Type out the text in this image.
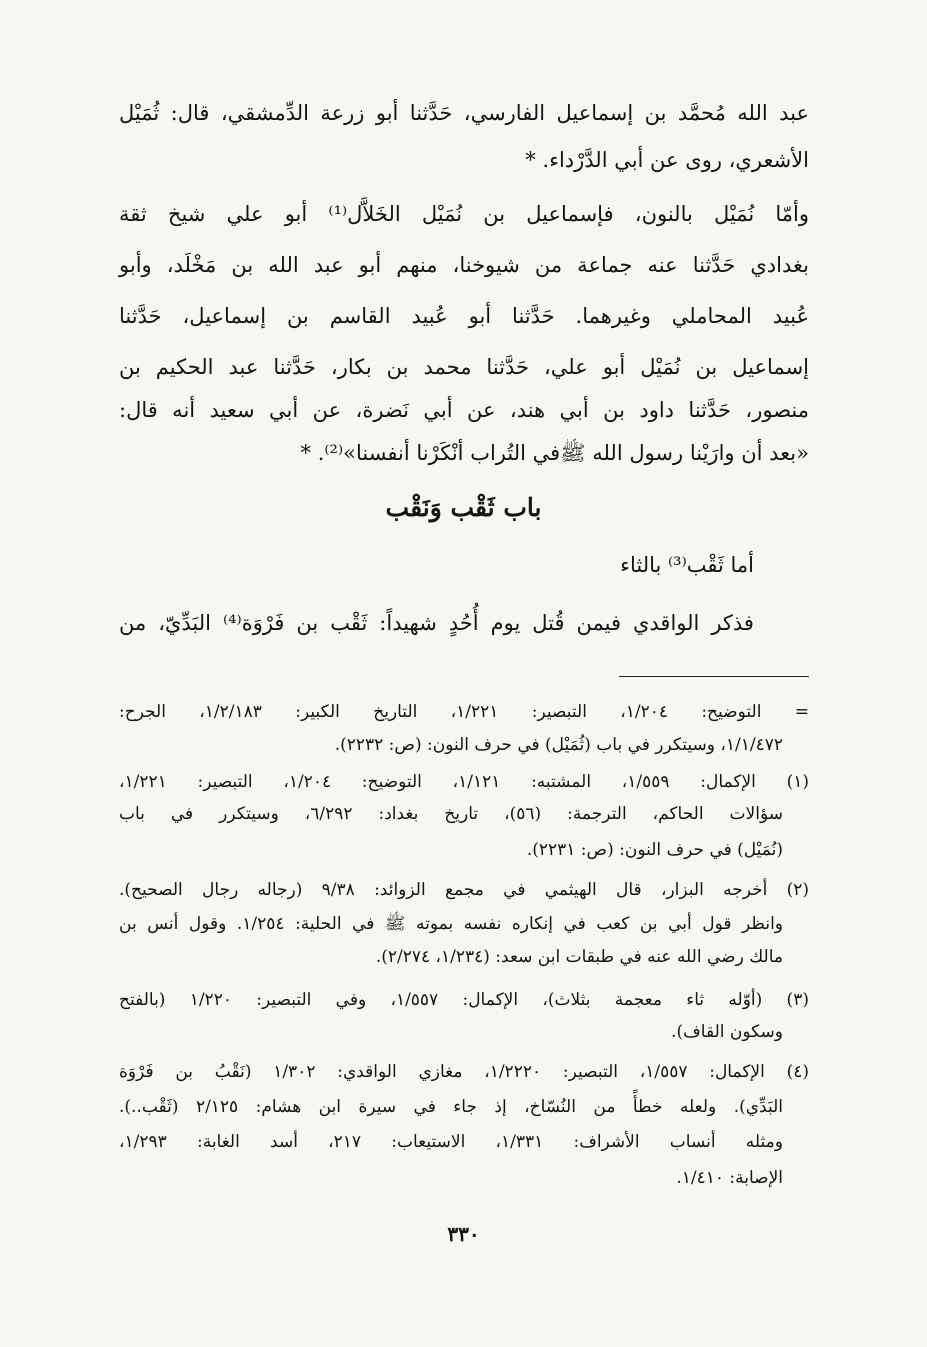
عبد الله مُحمَّد بن إسماعيل الفارسي، حَدَّثنا أبو زرعة الدِّمشقي، قال: ثُمَيْل
الأشعري، روى عن أبي الدَّرْداء. ‌*
وأمّا نُمَيْل بالنون، فإسماعيل بن نُمَيْل الخَلاَّل⁽¹⁾ أبو علي شيخ ثقة
بغدادي حَدَّثنا عنه جماعة من شيوخنا، منهم أبو عبد الله بن مَخْلَد، وأبو
عُبيد المحاملي وغيرهما. حَدَّثنا أبو عُبيد القاسم بن إسماعيل، حَدَّثنا
إسماعيل بن نُمَيْل أبو علي، حَدَّثنا محمد بن بكار، حَدَّثنا عبد الحكيم بن
منصور، حَدَّثنا داود بن أبي هند، عن أبي نَضرة، عن أبي سعيد أنه قال:
«بعد أن وارَيْنا رسول الله ﷺفي التُراب أنْكَرْنا أنفسنا»⁽²⁾. *
باب ثَقْب وَنَقْب
أما ثَقْب⁽³⁾ بالثاء
فذكر الواقدي فيمن قُتل يوم أُحُدٍ شهيداً: ثَقْب بن فَرْوَة⁽⁴⁾ البَدِّيّ، من
= التوضيح: ١/٢٠٤، التبصير: ١/٢٢١، التاريخ الكبير: ١/٢/١٨٣، الجرح:
١/١/٤٧٢، وسيتكرر في باب (ثُمَيْل) في حرف النون: (ص: ٢٢٣٢).
(١) الإكمال: ١/٥٥٩، المشتبه: ١/١٢١، التوضيح: ١/٢٠٤، التبصير: ١/٢٢١،
سؤالات الحاكم، الترجمة: (٥٦)، تاريخ بغداد: ٦/٢٩٢، وسيتكرر في باب
(نُمَيْل) في حرف النون: (ص: ٢٢٣١).
(٢) أخرجه البزار، قال الهيثمي في مجمع الزوائد: ٩/٣٨ (رجاله رجال الصحيح).
وانظر قول أبي بن كعب في إنكاره نفسه بموته ﷺ في الحلية: ١/٢٥٤. وقول أنس بن
مالك رضي الله عنه في طبقات ابن سعد: (١/٢٣٤، ٢/٢٧٤).
(٣) (أوّله ثاء معجمة بثلاث)، الإكمال: ١/٥٥٧، وفي التبصير: ١/٢٢٠ (بالفتح
وسكون القاف).
(٤) الإكمال: ١/٥٥٧، التبصير: ١/٢٢٢٠، مغازي الواقدي: ١/٣٠٢ (نَقْبُ بن فَرْوَة
البَدِّي). ولعله خطأً من النُسّاخ، إذ جاء في سيرة ابن هشام: ٢/١٢٥ (ثَقْب..).
ومثله أنساب الأشراف: ١/٣٣١، الاستيعاب: ٢١٧، أسد الغابة: ١/٢٩٣،
الإصابة: ١/٤١٠.
٣٣٠
